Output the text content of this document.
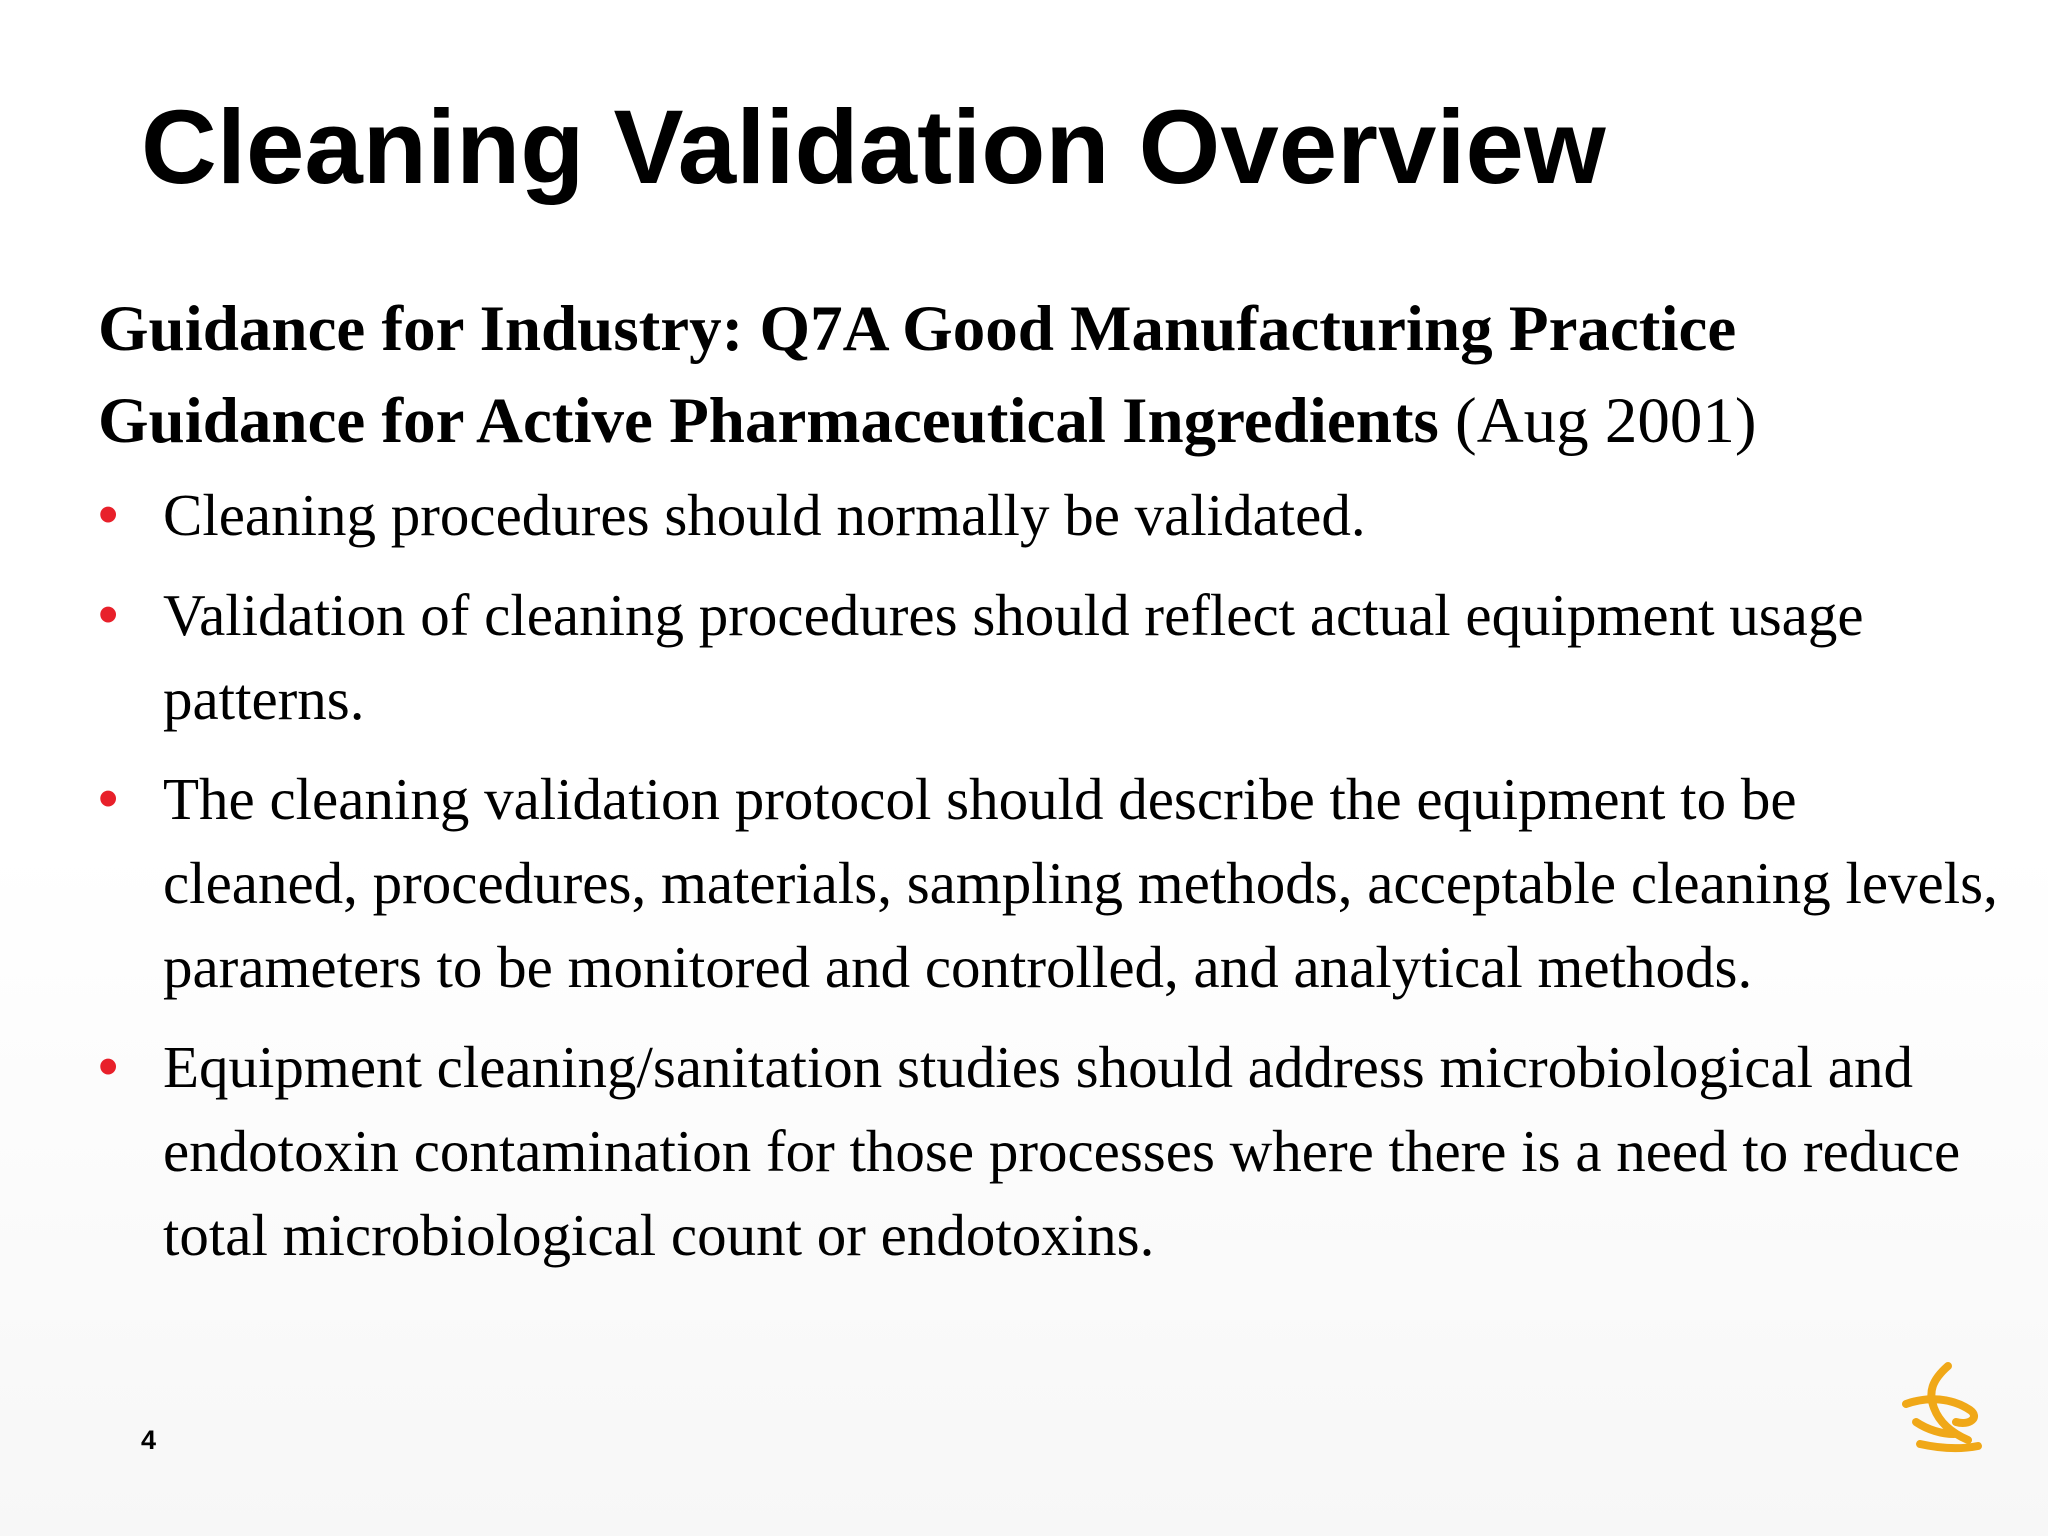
Cleaning Validation Overview

Guidance for Industry: Q7A Good Manufacturing Practice Guidance for Active Pharmaceutical Ingredients (Aug 2001)

• Cleaning procedures should normally be validated.
• Validation of cleaning procedures should reflect actual equipment usage patterns.
• The cleaning validation protocol should describe the equipment to be cleaned, procedures, materials, sampling methods, acceptable cleaning levels, parameters to be monitored and controlled, and analytical methods.
• Equipment cleaning/sanitation studies should address microbiological and endotoxin contamination for those processes where there is a need to reduce total microbiological count or endotoxins.
4
